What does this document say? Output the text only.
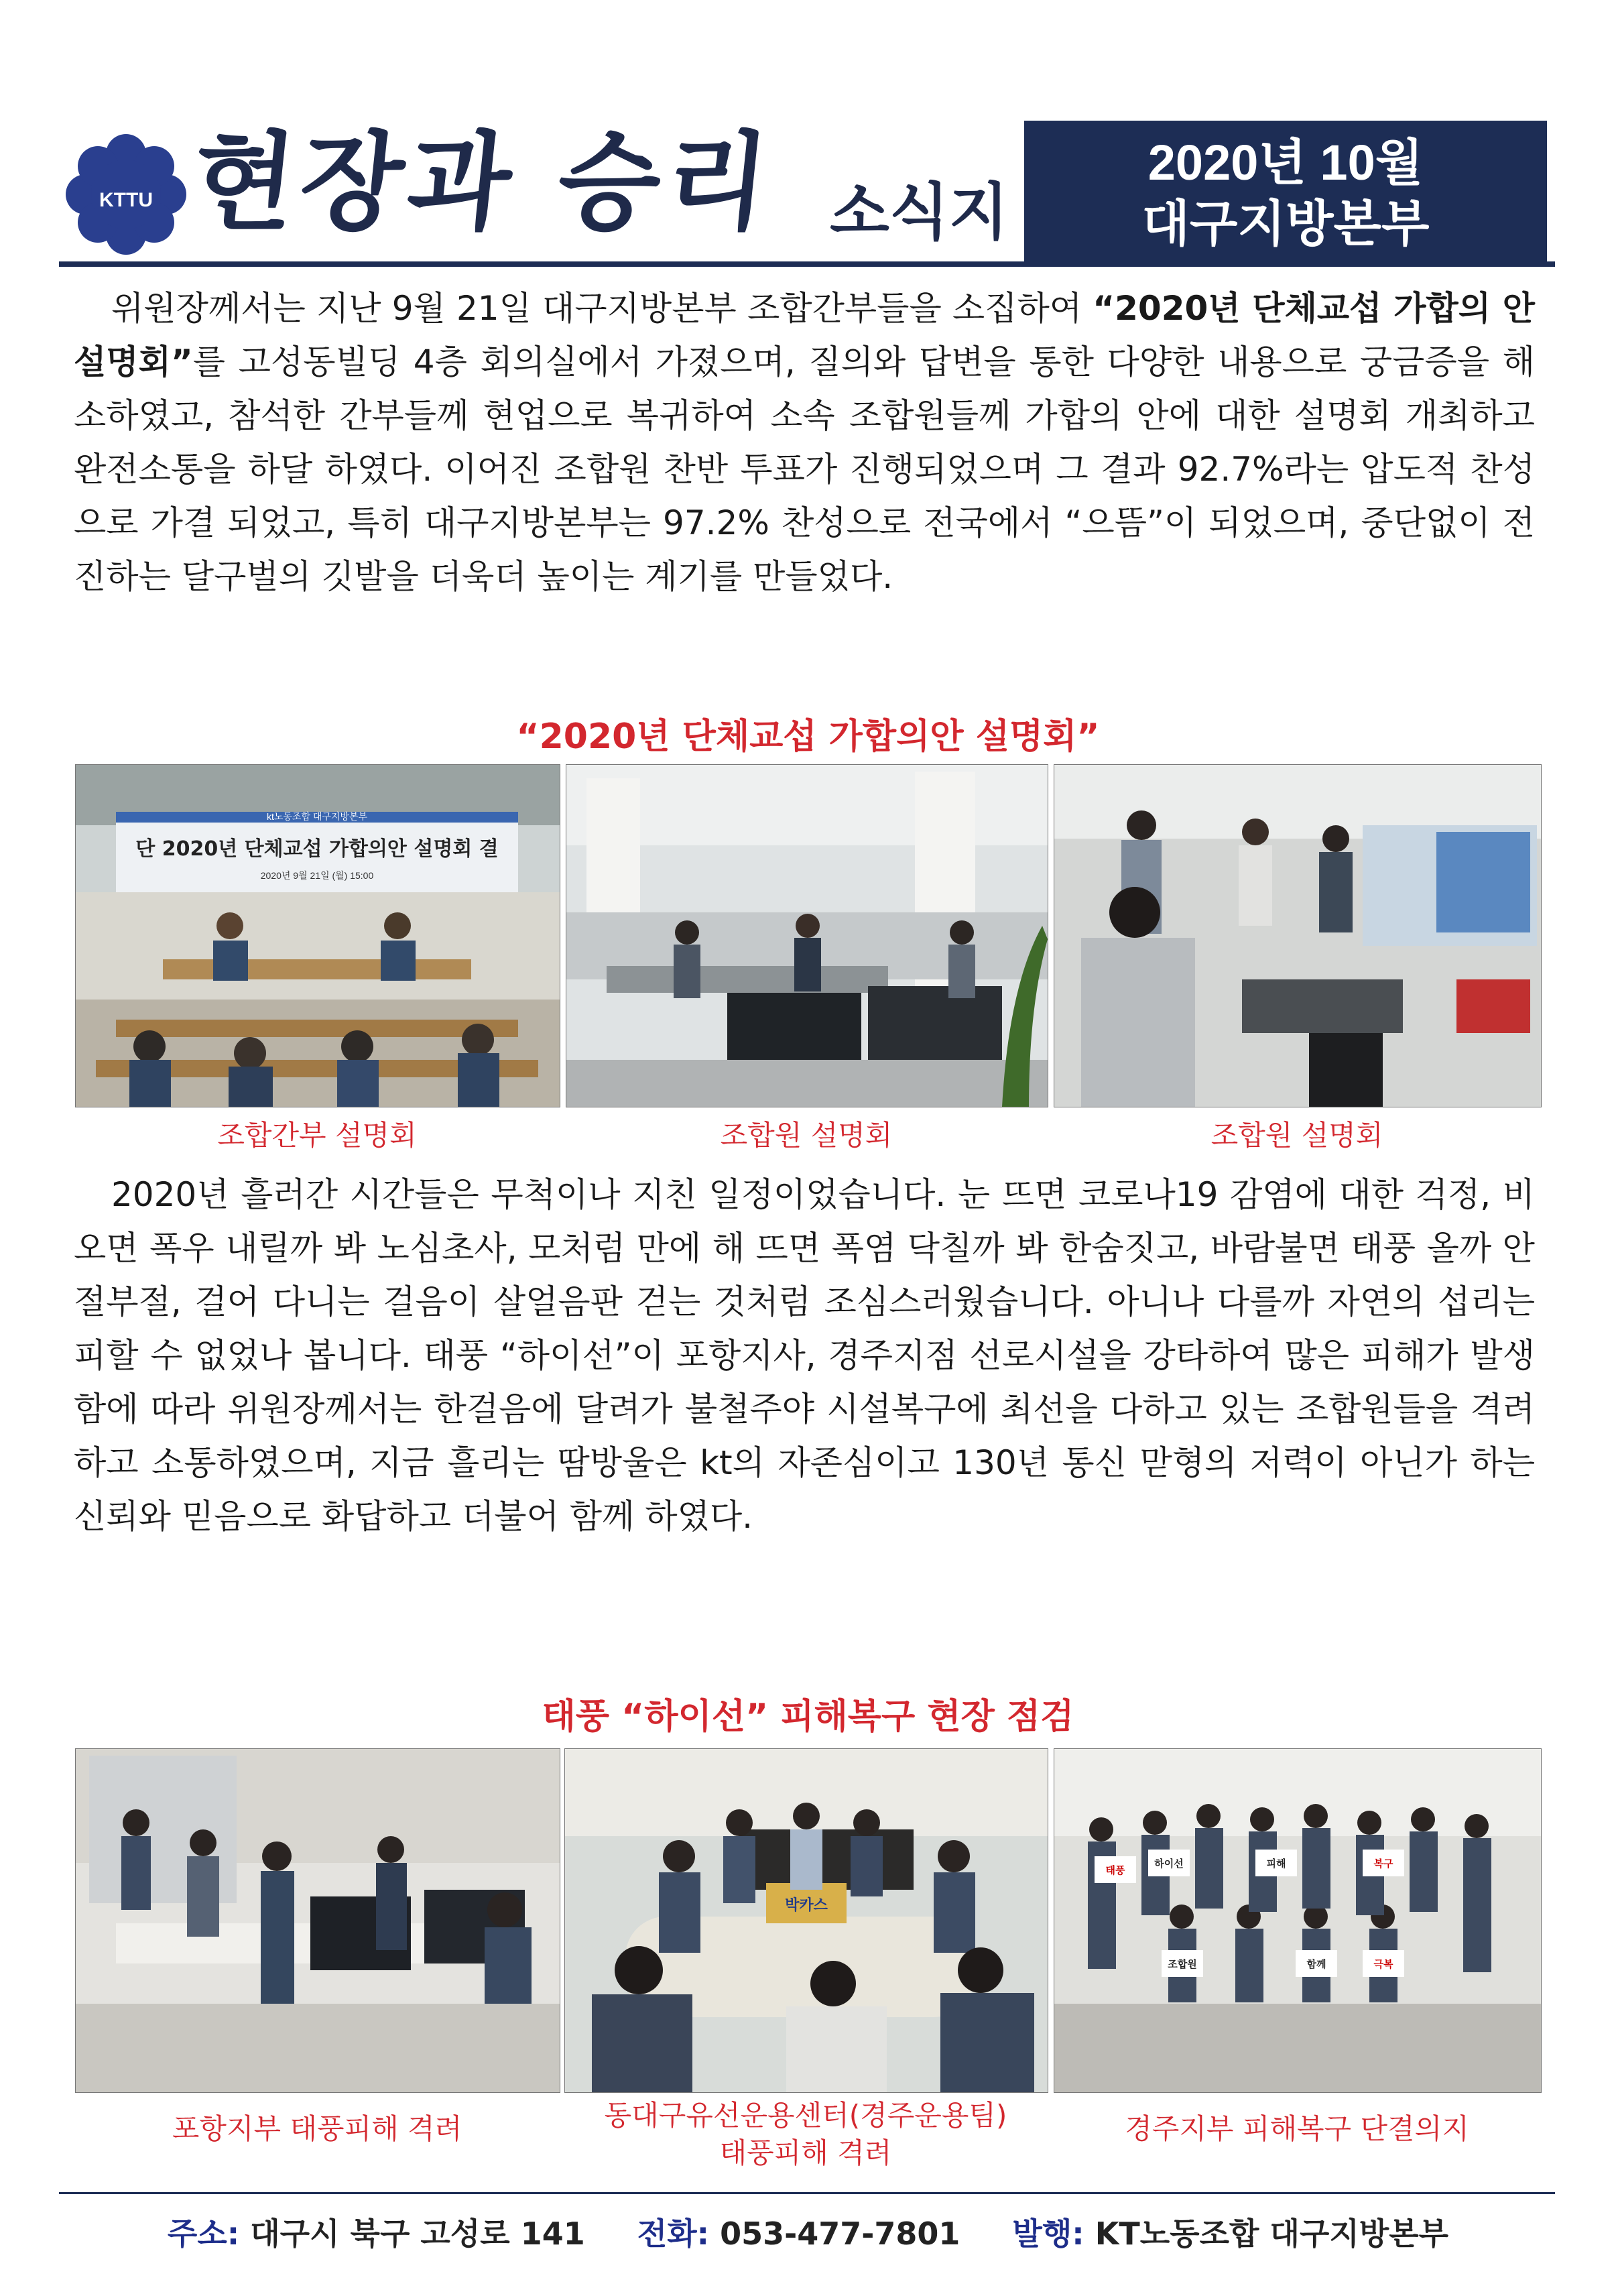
KTTU 현장과 승리 소식지
2020년 10월
대구지방본부
위원장께서는 지난 9월 21일 대구지방본부 조합간부들을 소집하여 “2020년 단체교섭 가합의 안 설명회”를 고성동빌딩 4층 회의실에서 가졌으며, 질의와 답변을 통한 다양한 내용으로 궁금증을 해소하였고, 참석한 간부들께 현업으로 복귀하여 소속 조합원들께 가합의 안에 대한 설명회 개최하고 완전소통을 하달 하였다. 이어진 조합원 찬반 투표가 진행되었으며 그 결과 92.7%라는 압도적 찬성으로 가결 되었고, 특히 대구지방본부는 97.2% 찬성으로 전국에서 “으뜸”이 되었으며, 중단없이 전진하는 달구벌의 깃발을 더욱더 높이는 계기를 만들었다.
“2020년 단체교섭 가합의안 설명회”
kt노동조합 대구지방본부
단 2020년 단체교섭 가합의안 설명회 결
2020년 9월 21일 (월) 15:00
조합간부 설명회	조합원 설명회	조합원 설명회
2020년 흘러간 시간들은 무척이나 지친 일정이었습니다. 눈 뜨면 코로나19 감염에 대한 걱정, 비 오면 폭우 내릴까 봐 노심초사, 모처럼 만에 해 뜨면 폭염 닥칠까 봐 한숨짓고, 바람불면 태풍 올까 안절부절, 걸어 다니는 걸음이 살얼음판 걷는 것처럼 조심스러웠습니다. 아니나 다를까 자연의 섭리는 피할 수 없었나 봅니다. 태풍 “하이선”이 포항지사, 경주지점 선로시설을 강타하여 많은 피해가 발생함에 따라 위원장께서는 한걸음에 달려가 불철주야 시설복구에 최선을 다하고 있는 조합원들을 격려하고 소통하였으며, 지금 흘리는 땀방울은 kt의 자존심이고 130년 통신 맏형의 저력이 아닌가 하는 신뢰와 믿음으로 화답하고 더불어 함께 하였다.
태풍 “하이선” 피해복구 현장 점검
박카스
태풍
하이선	피해	복구
조합원	함께	극복
포항지부 태풍피해 격려	동대구유선운용센터(경주운용팀)
태풍피해 격려
경주지부 피해복구 단결의지
주소: 대구시 북구 고성로 141 전화: 053-477-7801 발행: KT노동조합 대구지방본부
